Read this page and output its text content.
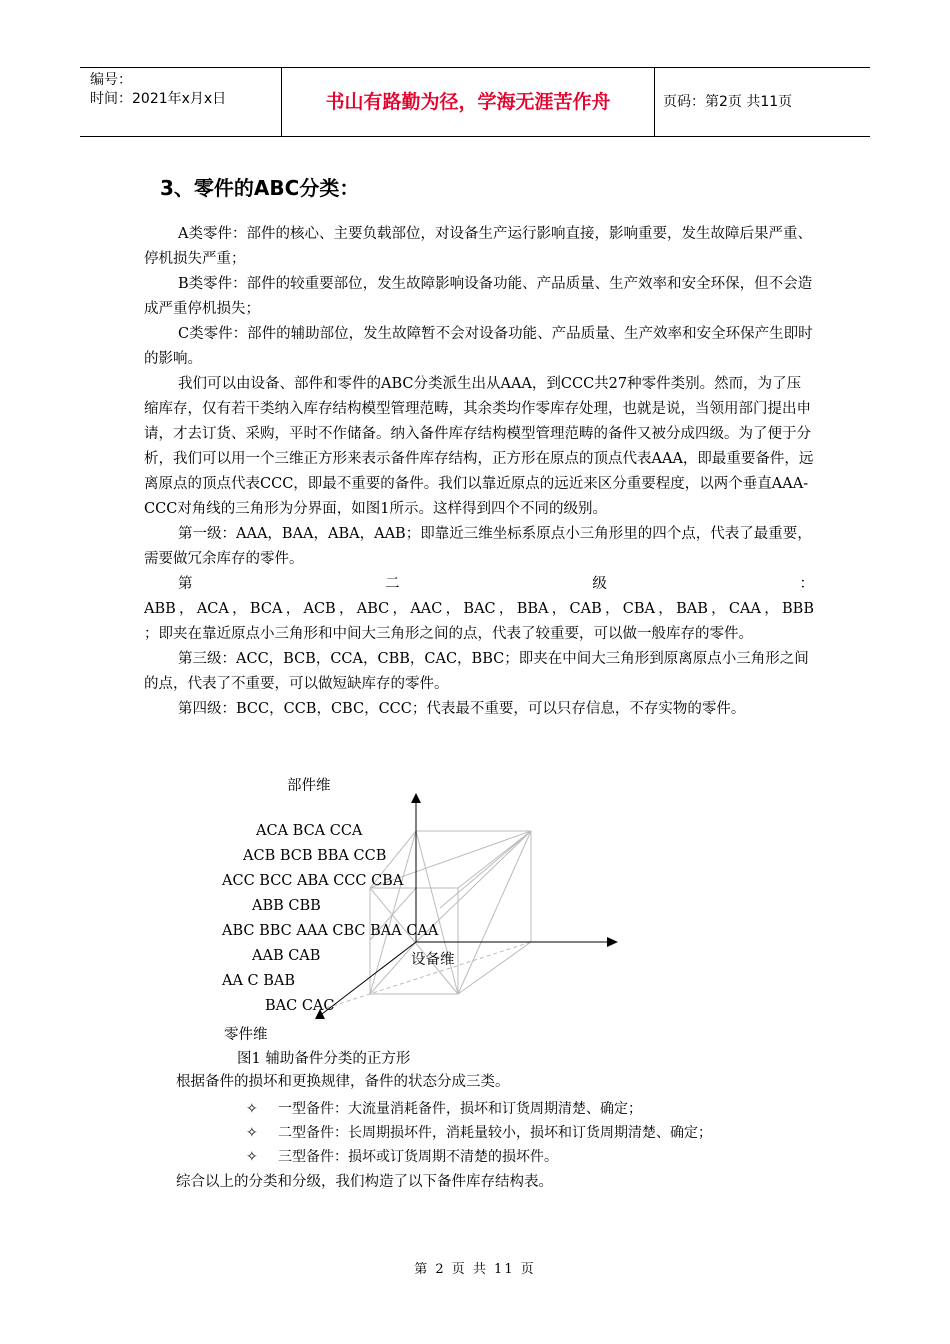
编号：
时间：2021年x月x日	书山有路勤为径，学海无涯苦作舟	页码：第2页 共11页
3、零件的ABC分类：

A类零件：部件的核心、主要负载部位，对设备生产运行影响直接，影响重要，发生故障后果严重、停机损失严重；

B类零件：部件的较重要部位，发生故障影响设备功能、产品质量、生产效率和安全环保，但不会造成严重停机损失；

C类零件：部件的辅助部位，发生故障暂不会对设备功能、产品质量、生产效率和安全环保产生即时的影响。

我们可以由设备、部件和零件的ABC分类派生出从AAA，到CCC共27种零件类别。然而，为了压缩库存，仅有若干类纳入库存结构模型管理范畴，其余类均作零库存处理，也就是说，当领用部门提出申请，才去订货、采购，平时不作储备。纳入备件库存结构模型管理范畴的备件又被分成四级。为了便于分析，我们可以用一个三维正方形来表示备件库存结构，正方形在原点的顶点代表AAA，即最重要备件，远离原点的顶点代表CCC，即最不重要的备件。我们以靠近原点的远近来区分重要程度，以两个垂直AAA-CCC对角线的三角形为分界面，如图1所示。这样得到四个不同的级别。

第一级：AAA，BAA，ABA，AAB；即靠近三维坐标系原点小三角形里的四个点，代表了最重要，需要做冗余库存的零件。

第	二	级	：

ABB，ACA，BCA，ACB，ABC，AAC，BAC，BBA，CAB，CBA，BAB，CAA，BBB

；即夹在靠近原点小三角形和中间大三角形之间的点，代表了较重要，可以做一般库存的零件。

第三级：ACC，BCB，CCA，CBB，CAC，BBC；即夹在中间大三角形到原离原点小三角形之间的点，代表了不重要，可以做短缺库存的零件。

第四级：BCC，CCB，CBC，CCC；代表最不重要，可以只存信息，不存实物的零件。

部件维
ACA BCA CCA
ACB BCB BBA CCB
ACC BCC ABA CCC CBA
ABB CBB
ABC BBC AAA CBC BAA CAA
AAB CAB	设备维
AA C BAB
BAC CAC
零件维
图1 辅助备件分类的正方形
根据备件的损坏和更换规律，备件的状态分成三类。
✧ 一型备件：大流量消耗备件，损坏和订货周期清楚、确定；
✧ 二型备件：长周期损坏件，消耗量较小，损坏和订货周期清楚、确定；
✧ 三型备件：损坏或订货周期不清楚的损坏件。
综合以上的分类和分级，我们构造了以下备件库存结构表。
第 2 页 共 11 页
